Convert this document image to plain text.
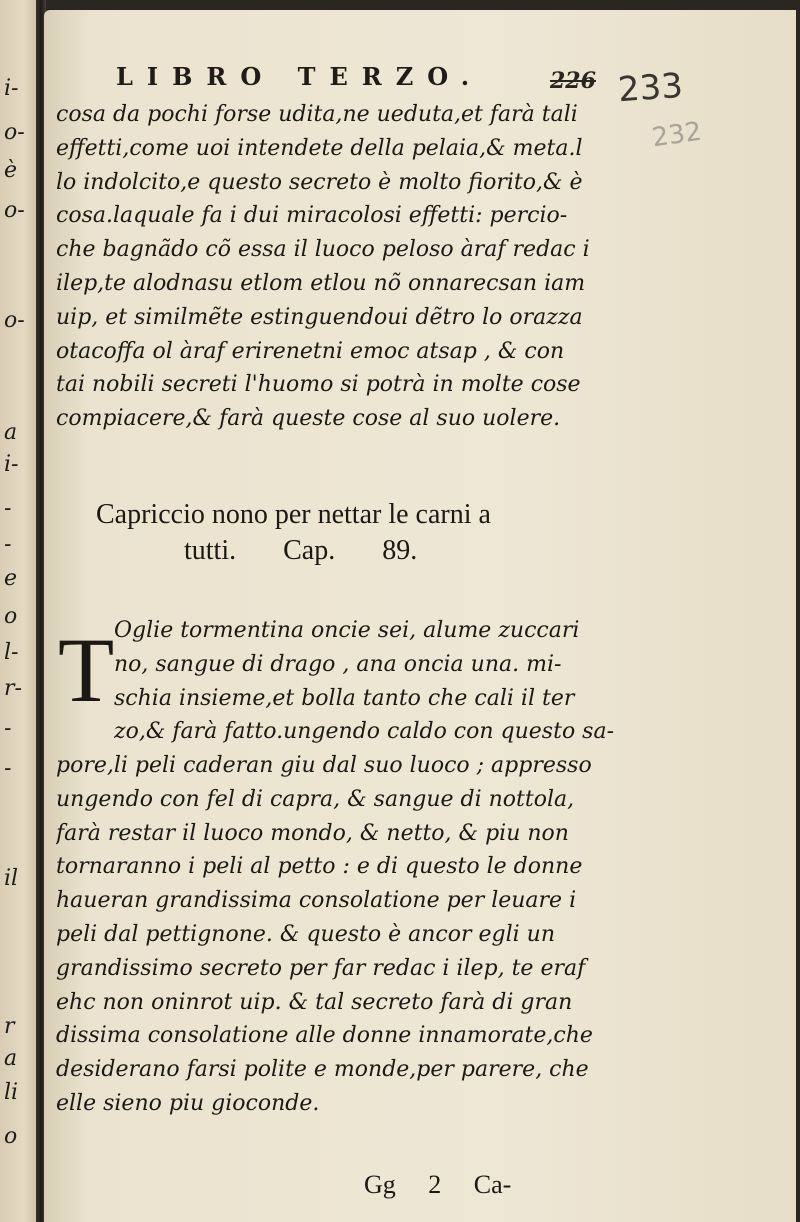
i-
o-
è
o-
o-
a
i-
-
-
e
o
l-
r-
-
-
il
r
a
li
o
LIBRO TERZO.	226 233
232
cosa da pochi forse udita,ne ueduta,et farà tali
effetti,come uoi intendete della pelaia,& meta.l
lo indolcito,e questo secreto è molto fiorito,& è
cosa.laquale fa i dui miracolosi effetti: percio-
che bagnãdo cõ essa il luoco peloso àraf redac i
ilep,te alodnasu etlom etlou nõ onnarecsan iam
uip, et similmẽte estinguendoui dẽtro lo orazza
otacoffa ol àraf erirenetni emoc atsap , & con
tai nobili secreti l'huomo si potrà in molte cose
compiacere,& farà queste cose al suo uolere.
Capriccio nono per nettar le carni a
tutti. Cap. 89.
T Oglie tormentina oncie sei, alume zuccari
no, sangue di drago , ana oncia una. mi-
schia insieme,et bolla tanto che cali il ter
zo,& farà fatto.ungendo caldo con questo sa-
pore,li peli caderan giu dal suo luoco ; appresso
ungendo con fel di capra, & sangue di nottola,
farà restar il luoco mondo, & netto, & piu non
tornaranno i peli al petto : e di questo le donne
haueran grandissima consolatione per leuare i
peli dal pettignone. & questo è ancor egli un
grandissimo secreto per far redac i ilep, te eraf
ehc non oninrot uip. & tal secreto farà di gran
dissima consolatione alle donne innamorate,che
desiderano farsi polite e monde,per parere, che
elle sieno piu gioconde.
Gg 2 Ca-
